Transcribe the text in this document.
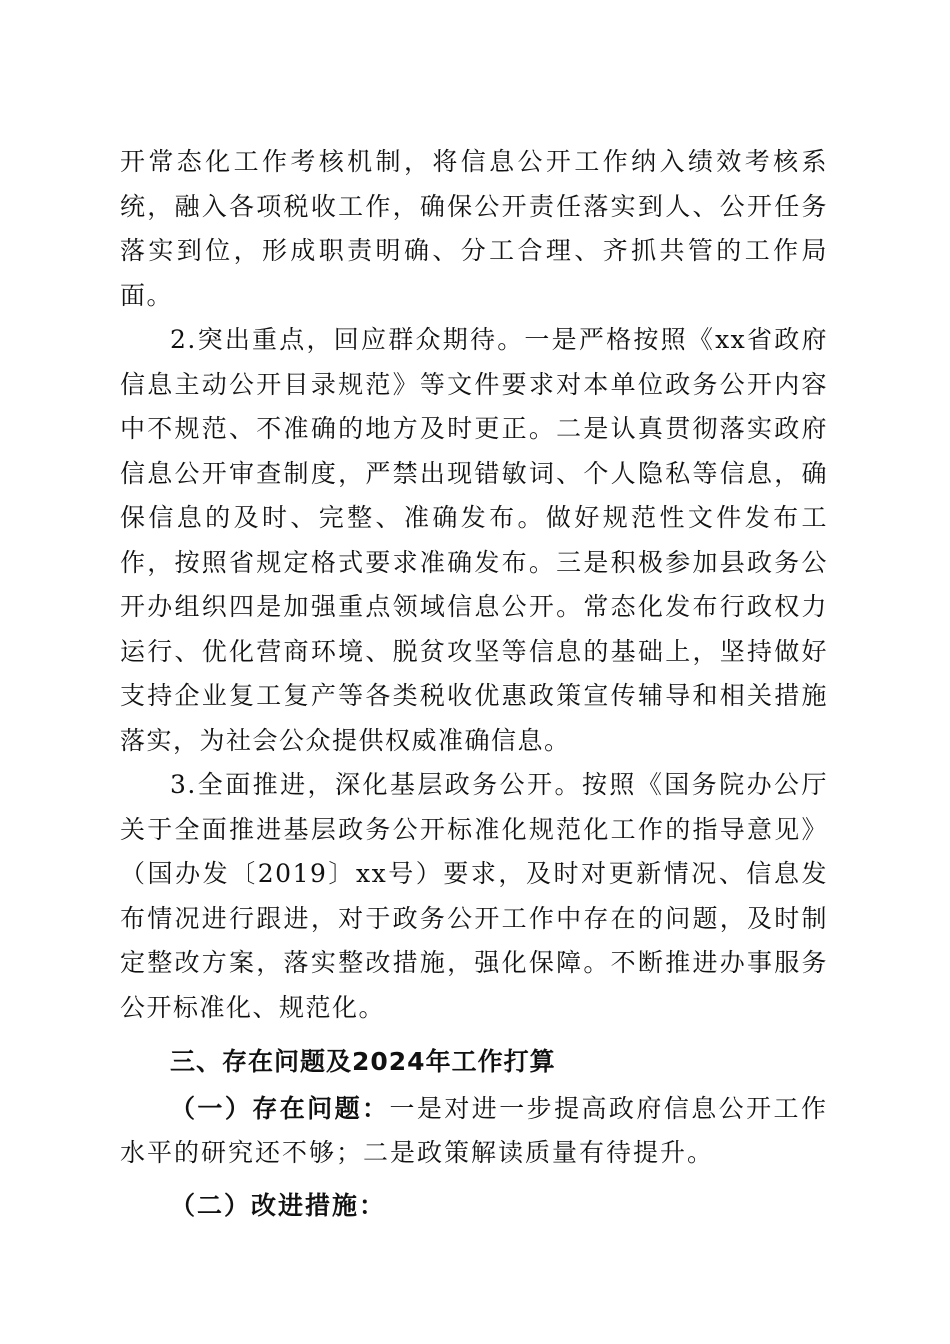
开常态化工作考核机制，将信息公开工作纳入绩效考核系统，融入各项税收工作，确保公开责任落实到人、公开任务落实到位，形成职责明确、分工合理、齐抓共管的工作局面。

2.突出重点，回应群众期待。一是严格按照《xx省政府信息主动公开目录规范》等文件要求对本单位政务公开内容中不规范、不准确的地方及时更正。二是认真贯彻落实政府信息公开审查制度，严禁出现错敏词、个人隐私等信息，确保信息的及时、完整、准确发布。做好规范性文件发布工作，按照省规定格式要求准确发布。三是积极参加县政务公开办组织四是加强重点领域信息公开。常态化发布行政权力运行、优化营商环境、脱贫攻坚等信息的基础上，坚持做好支持企业复工复产等各类税收优惠政策宣传辅导和相关措施落实，为社会公众提供权威准确信息。

3.全面推进，深化基层政务公开。按照《国务院办公厅关于全面推进基层政务公开标准化规范化工作的指导意见》（国办发〔2019〕xx号）要求，及时对更新情况、信息发布情况进行跟进，对于政务公开工作中存在的问题，及时制定整改方案，落实整改措施，强化保障。不断推进办事服务公开标准化、规范化。

三、存在问题及2024年工作打算

（一）存在问题：一是对进一步提高政府信息公开工作水平的研究还不够；二是政策解读质量有待提升。

（二）改进措施：
